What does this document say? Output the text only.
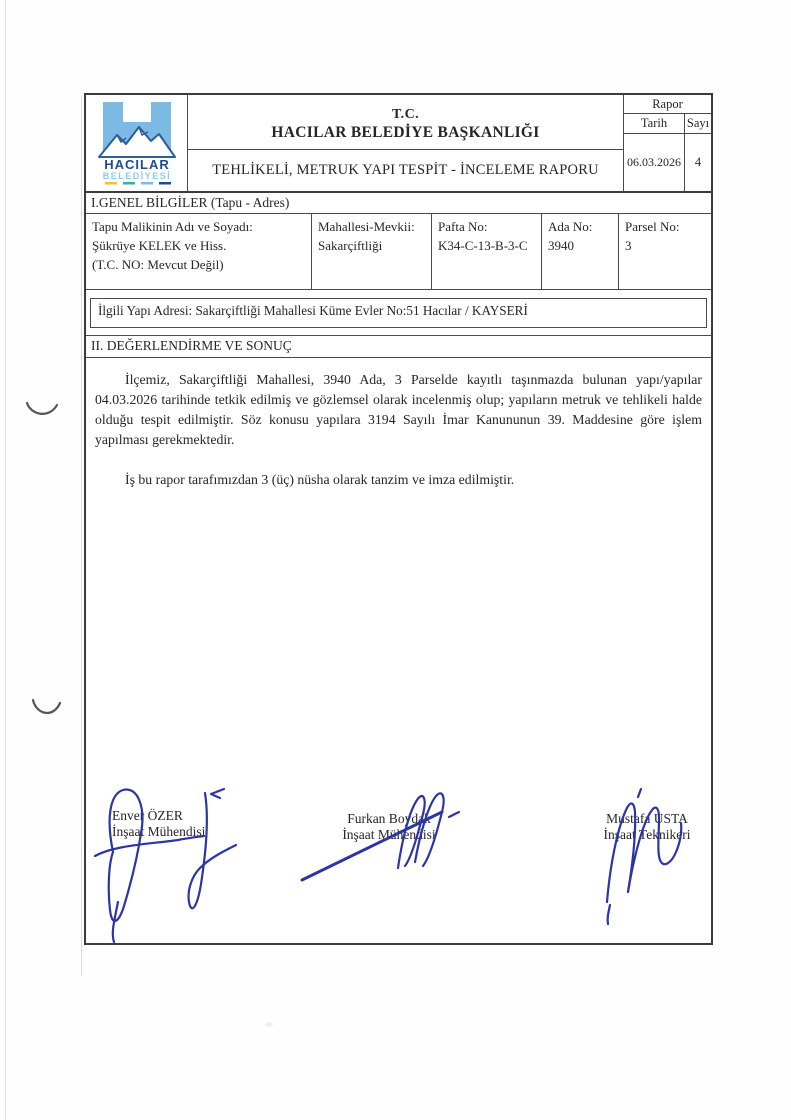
HACILAR
BELEDİYESİ
T.C.
HACILAR BELEDİYE BAŞKANLIĞI
TEHLİKELİ, METRUK YAPI TESPİT - İNCELEME RAPORU
Rapor
Tarih	Sayı
06.03.2026	4
I.GENEL BİLGİLER (Tapu - Adres)
Tapu Malikinin Adı ve Soyadı:
Şükrüye KELEK ve Hiss.
(T.C. NO: Mevcut Değil)
Mahallesi-Mevkii:
Sakarçiftliği
Pafta No:
K34-C-13-B-3-C
Ada No:
3940
Parsel No:
3
İlgili Yapı Adresi: Sakarçiftliği Mahallesi Küme Evler No:51 Hacılar / KAYSERİ
II. DEĞERLENDİRME VE SONUÇ

İlçemiz, Sakarçiftliği Mahallesi, 3940 Ada, 3 Parselde kayıtlı taşınmazda bulunan yapı/yapılar 04.03.2026 tarihinde tetkik edilmiş ve gözlemsel olarak incelenmiş olup; yapıların metruk ve tehlikeli halde olduğu tespit edilmiştir. Söz konusu yapılara 3194 Sayılı İmar Kanununun 39. Maddesine göre işlem yapılması gerekmektedir.

İş bu rapor tarafımızdan 3 (üç) nüsha olarak tanzim ve imza edilmiştir.

Enver ÖZER
İnşaat Mühendisi
Furkan Boydak
İnşaat Mühendisi
Mustafa USTA
İnşaat Teknikeri
